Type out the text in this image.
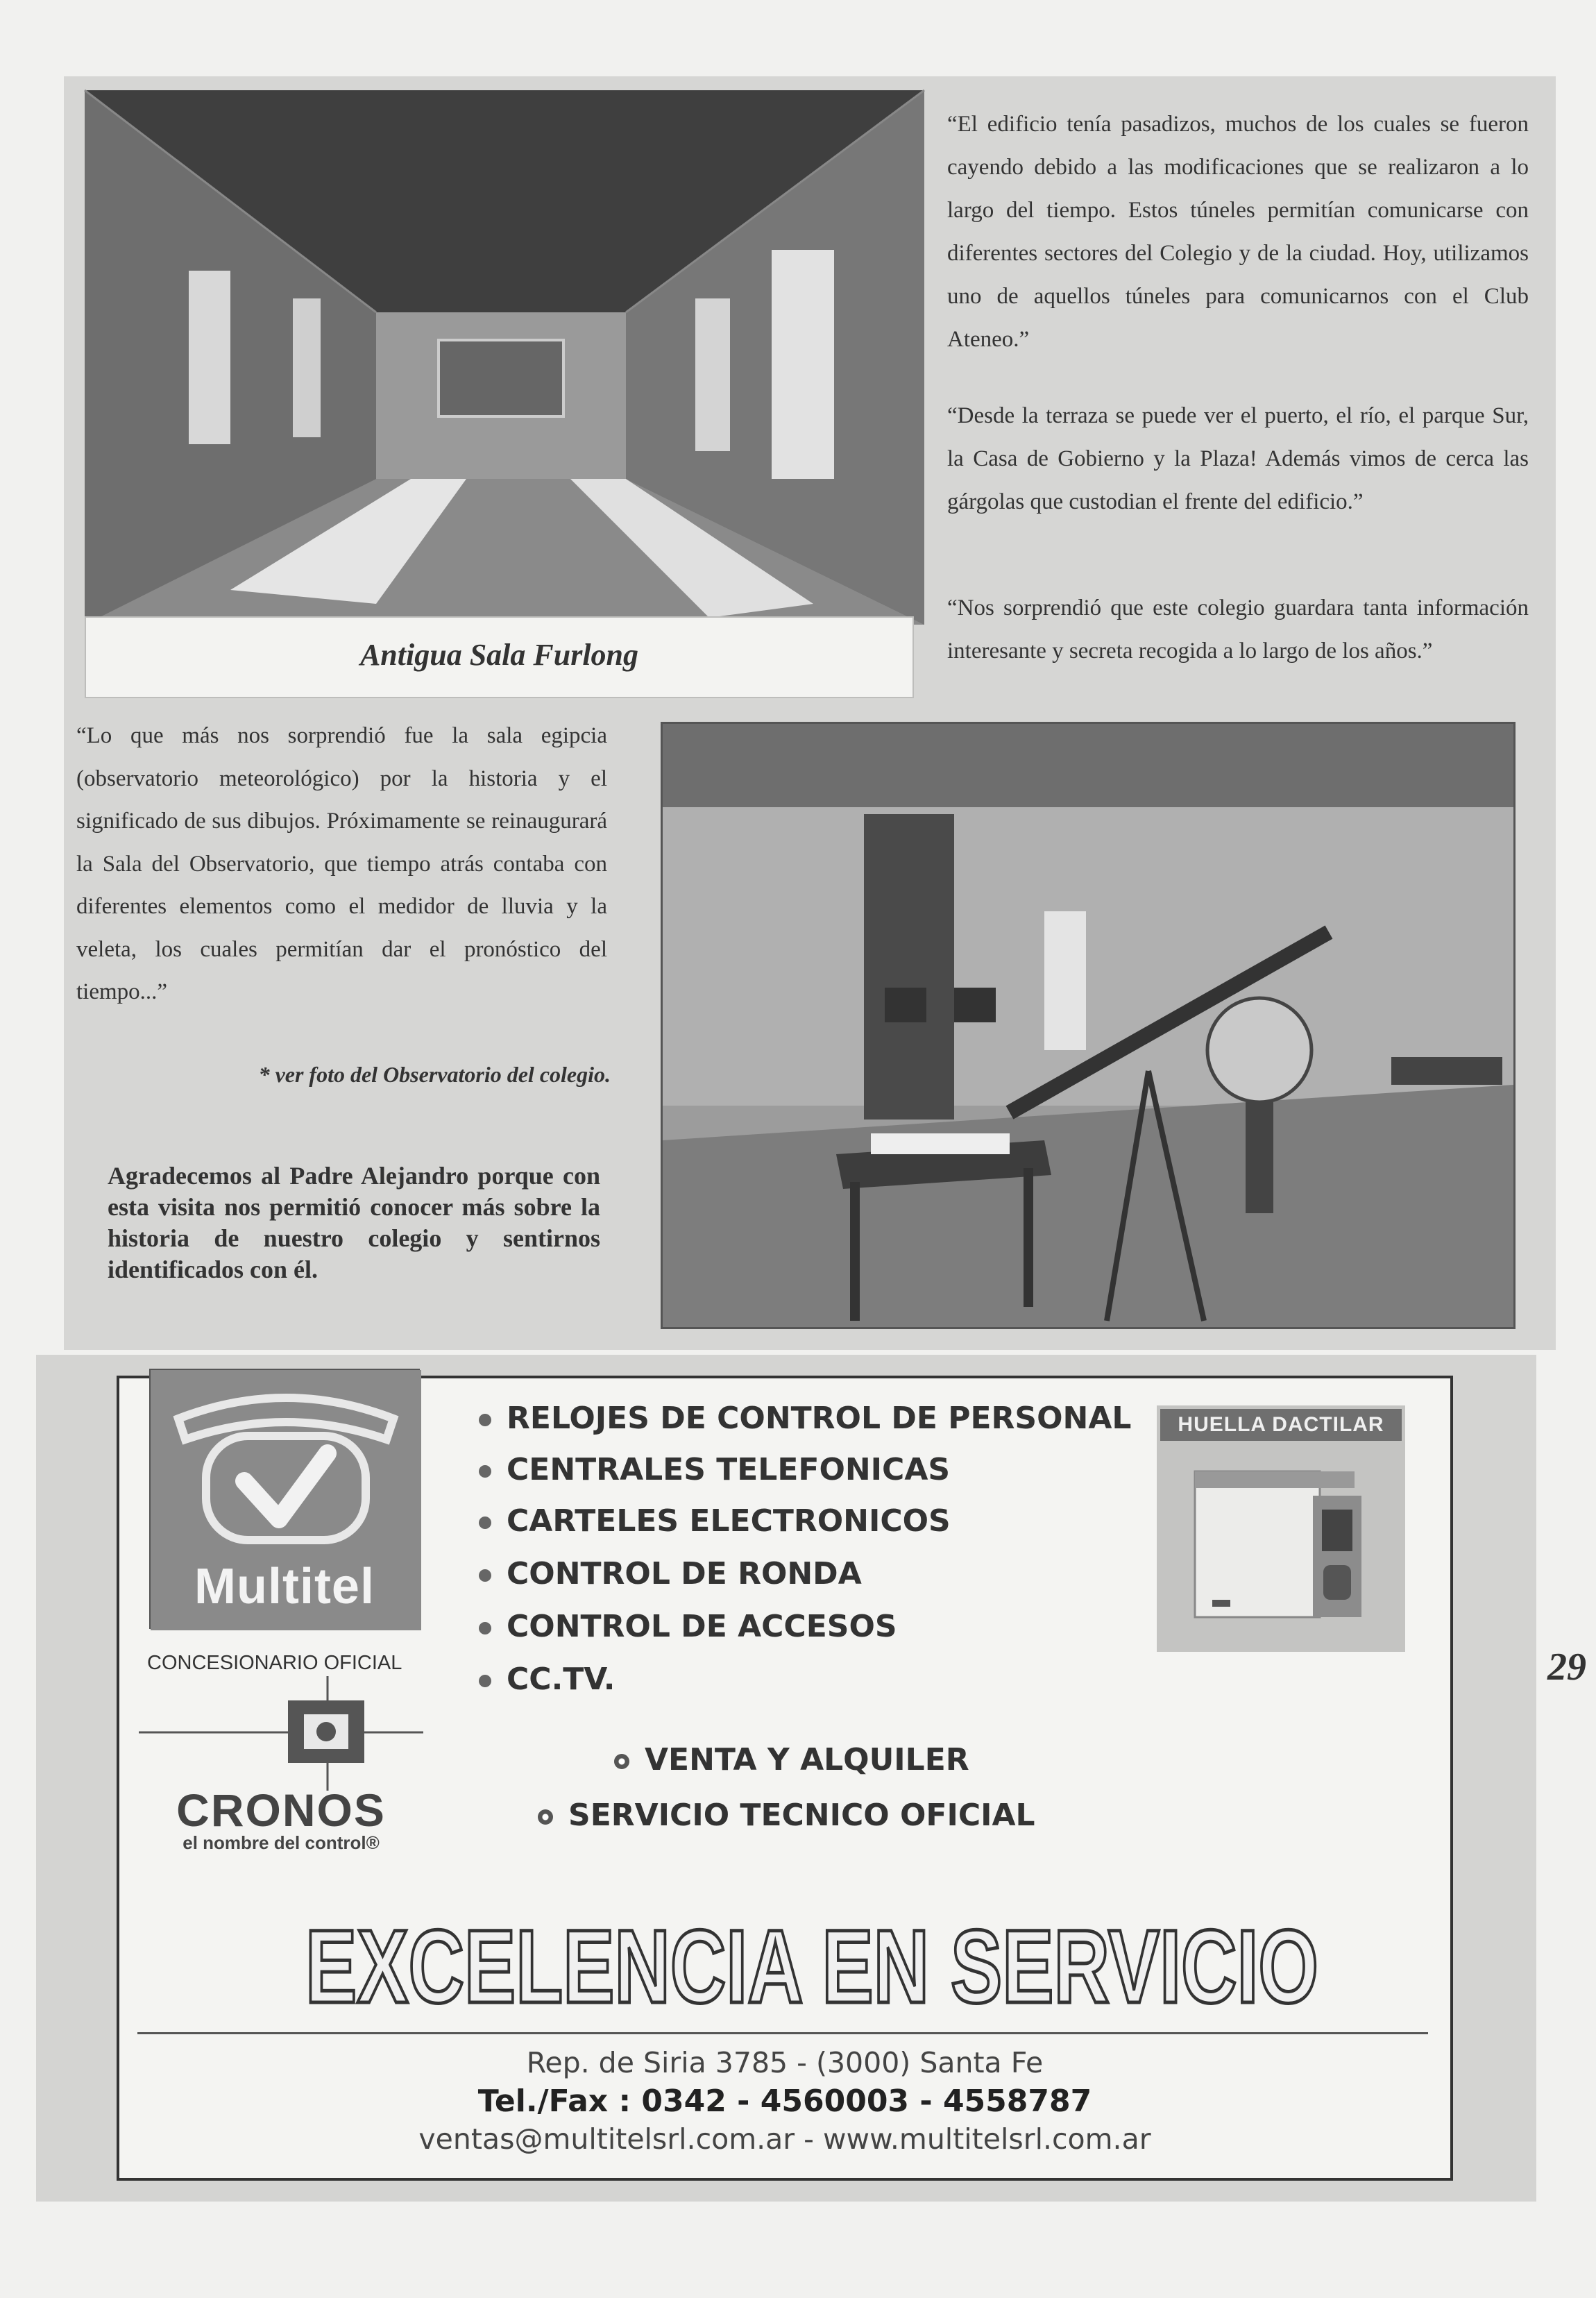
Antigua Sala Furlong
“El edificio tenía pasadizos, muchos de los cuales se fueron cayendo debido a las modificaciones que se realizaron a lo largo del tiempo. Estos túneles permitían comunicarse con diferentes sectores del Colegio y de la ciudad. Hoy, utilizamos uno de aquellos túneles para comunicarnos con el Club Ateneo.”
“Desde la terraza se puede ver el puerto, el río, el parque Sur, la Casa de Gobierno y la Plaza! Además vimos de cerca las gárgolas que custodian el frente del edificio.”
“Nos sorprendió que este colegio guardara tanta información interesante y secreta recogida a lo largo de los años.”
“Lo que más nos sorprendió fue la sala egipcia (observatorio meteorológico) por la historia y el significado de sus dibujos. Próximamente se reinaugurará la Sala del Observatorio, que tiempo atrás contaba con diferentes elementos como el medidor de lluvia y la veleta, los cuales permitían dar el pronóstico del tiempo...”
* ver foto del Observatorio del colegio.
Agradecemos al Padre Alejandro porque con esta visita nos permitió conocer más sobre la historia de nuestro colegio y sentirnos identificados con él.
Multitel
CONCESIONARIO OFICIAL
CRONOS
el nombre del control®
RELOJES DE CONTROL DE PERSONAL
CENTRALES TELEFONICAS
CARTELES ELECTRONICOS
CONTROL DE RONDA
CONTROL DE ACCESOS
CC.TV.
VENTA Y ALQUILER
SERVICIO TECNICO OFICIAL
HUELLA DACTILAR
EXCELENCIA EN SERVICIO
Rep. de Siria 3785 - (3000) Santa Fe
Tel./Fax : 0342 - 4560003 - 4558787
ventas@multitelsrl.com.ar - www.multitelsrl.com.ar
29
